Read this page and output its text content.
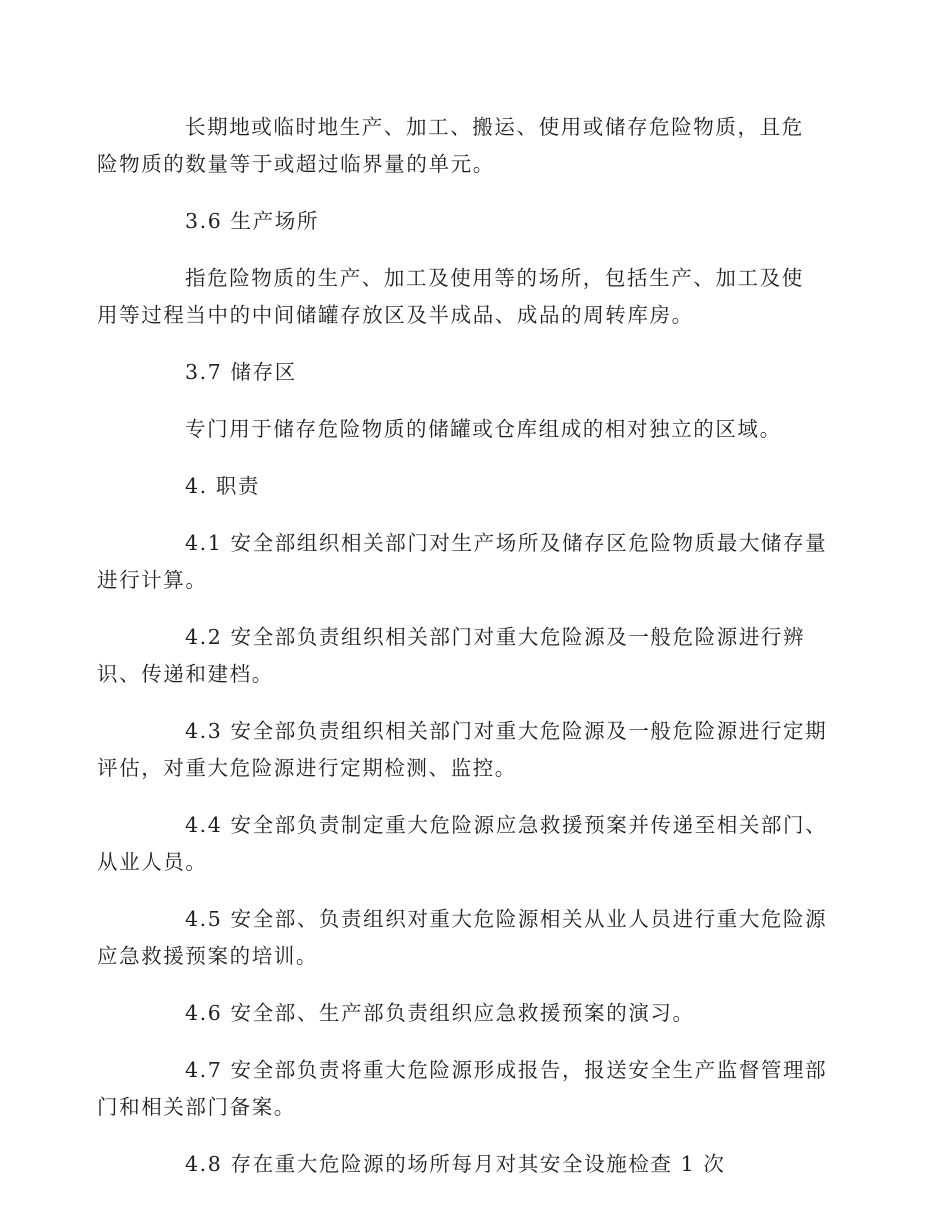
长期地或临时地生产、加工、搬运、使用或储存危险物质，且危
险物质的数量等于或超过临界量的单元。

3.6 生产场所

指危险物质的生产、加工及使用等的场所，包括生产、加工及使
用等过程当中的中间储罐存放区及半成品、成品的周转库房。

3.7 储存区

专门用于储存危险物质的储罐或仓库组成的相对独立的区域。

4. 职责

4.1 安全部组织相关部门对生产场所及储存区危险物质最大储存量
进行计算。

4.2 安全部负责组织相关部门对重大危险源及一般危险源进行辨
识、传递和建档。

4.3 安全部负责组织相关部门对重大危险源及一般危险源进行定期
评估，对重大危险源进行定期检测、监控。

4.4 安全部负责制定重大危险源应急救援预案并传递至相关部门、
从业人员。

4.5 安全部、负责组织对重大危险源相关从业人员进行重大危险源
应急救援预案的培训。

4.6 安全部、生产部负责组织应急救援预案的演习。

4.7 安全部负责将重大危险源形成报告，报送安全生产监督管理部
门和相关部门备案。

4.8 存在重大危险源的场所每月对其安全设施检查 1 次
